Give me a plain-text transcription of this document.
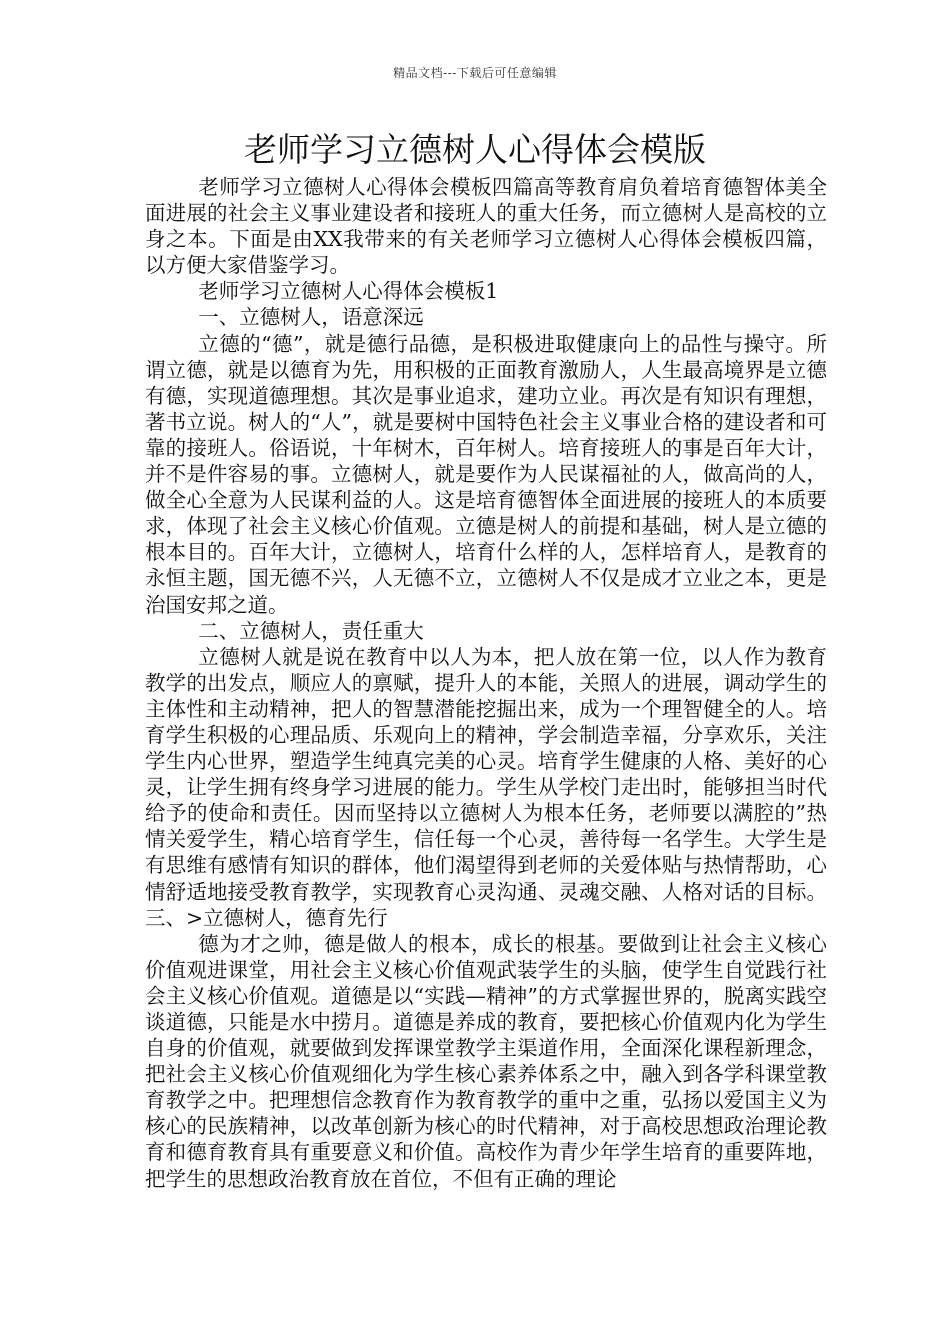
精品文档---下载后可任意编辑
老师学习立德树人心得体会模版

老师学习立德树人心得体会模板四篇高等教育肩负着培育德智体美全面进展的社会主义事业建设者和接班人的重大任务，而立德树人是高校的立身之本。下面是由XX我带来的有关老师学习立德树人心得体会模板四篇，以方便大家借鉴学习。

老师学习立德树人心得体会模板1

一、立德树人，语意深远

立德的“德”，就是德行品德，是积极进取健康向上的品性与操守。所谓立德，就是以德育为先，用积极的正面教育激励人，人生最高境界是立德有德，实现道德理想。其次是事业追求，建功立业。再次是有知识有理想，著书立说。树人的“人”，就是要树中国特色社会主义事业合格的建设者和可靠的接班人。俗语说，十年树木，百年树人。培育接班人的事是百年大计，并不是件容易的事。立德树人，就是要作为人民谋福祉的人，做高尚的人，做全心全意为人民谋利益的人。这是培育德智体全面进展的接班人的本质要求，体现了社会主义核心价值观。立德是树人的前提和基础，树人是立德的根本目的。百年大计，立德树人，培育什么样的人，怎样培育人，是教育的永恒主题，国无德不兴，人无德不立，立德树人不仅是成才立业之本，更是治国安邦之道。

二、立德树人，责任重大

立德树人就是说在教育中以人为本，把人放在第一位，以人作为教育教学的出发点，顺应人的禀赋，提升人的本能，关照人的进展，调动学生的主体性和主动精神，把人的智慧潜能挖掘出来，成为一个理智健全的人。培育学生积极的心理品质、乐观向上的精神，学会制造幸福，分享欢乐，关注学生内心世界，塑造学生纯真完美的心灵。培育学生健康的人格、美好的心灵，让学生拥有终身学习进展的能力。学生从学校门走出时，能够担当时代给予的使命和责任。因而坚持以立德树人为根本任务，老师要以满腔的”热情关爱学生，精心培育学生，信任每一个心灵，善待每一名学生。大学生是有思维有感情有知识的群体，他们渴望得到老师的关爱体贴与热情帮助，心情舒适地接受教育教学，实现教育心灵沟通、灵魂交融、人格对话的目标。三、>立德树人，德育先行

德为才之帅，德是做人的根本，成长的根基。要做到让社会主义核心价值观进课堂，用社会主义核心价值观武装学生的头脑，使学生自觉践行社会主义核心价值观。道德是以“实践—精神”的方式掌握世界的，脱离实践空谈道德，只能是水中捞月。道德是养成的教育，要把核心价值观内化为学生自身的价值观，就要做到发挥课堂教学主渠道作用，全面深化课程新理念，把社会主义核心价值观细化为学生核心素养体系之中，融入到各学科课堂教育教学之中。把理想信念教育作为教育教学的重中之重，弘扬以爱国主义为核心的民族精神，以改革创新为核心的时代精神，对于高校思想政治理论教育和德育教育具有重要意义和价值。高校作为青少年学生培育的重要阵地，把学生的思想政治教育放在首位，不但有正确的理论
